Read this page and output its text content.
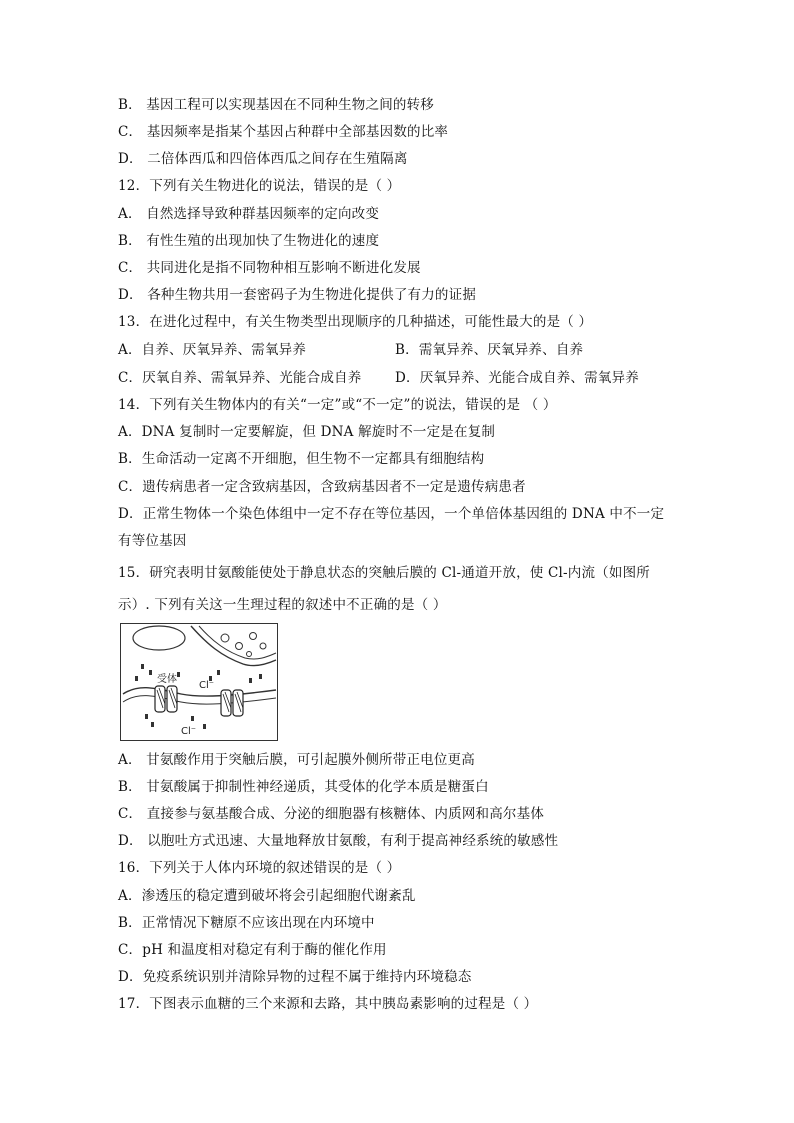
B． 基因工程可以实现基因在不同种生物之间的转移
C． 基因频率是指某个基因占种群中全部基因数的比率
D． 二倍体西瓜和四倍体西瓜之间存在生殖隔离
12．下列有关生物进化的说法，错误的是（ ）
A． 自然选择导致种群基因频率的定向改变
B． 有性生殖的出现加快了生物进化的速度
C． 共同进化是指不同物种相互影响不断进化发展
D． 各种生物共用一套密码子为生物进化提供了有力的证据
13．在进化过程中，有关生物类型出现顺序的几种描述，可能性最大的是（ ）
A．自养、厌氧异养、需氧异养	B．需氧异养、厌氧异养、自养
C．厌氧自养、需氧异养、光能合成自养 D．厌氧异养、光能合成自养、需氧异养
14．下列有关生物体内的有关“一定”或“不一定”的说法，错误的是 （ ）
A．DNA 复制时一定要解旋，但 DNA 解旋时不一定是在复制
B．生命活动一定离不开细胞，但生物不一定都具有细胞结构
C．遗传病患者一定含致病基因，含致病基因者不一定是遗传病患者
D．正常生物体一个染色体组中一定不存在等位基因，一个单倍体基因组的 DNA 中不一定
有等位基因
15．研究表明甘氨酸能使处于静息状态的突触后膜的 Cl-通道开放，使 Cl-内流（如图所
示）. 下列有关这一生理过程的叙述中不正确的是（ ）
受体
Cl⁻
Cl⁻
A． 甘氨酸作用于突触后膜，可引起膜外侧所带正电位更高
B． 甘氨酸属于抑制性神经递质，其受体的化学本质是糖蛋白
C． 直接参与氨基酸合成、分泌的细胞器有核糖体、内质网和高尔基体
D． 以胞吐方式迅速、大量地释放甘氨酸，有利于提高神经系统的敏感性
16．下列关于人体内环境的叙述错误的是（ ）
A．渗透压的稳定遭到破坏将会引起细胞代谢紊乱
B．正常情况下糖原不应该出现在内环境中
C．pH 和温度相对稳定有利于酶的催化作用
D．免疫系统识别并清除异物的过程不属于维持内环境稳态
17．下图表示血糖的三个来源和去路，其中胰岛素影响的过程是（ ）
